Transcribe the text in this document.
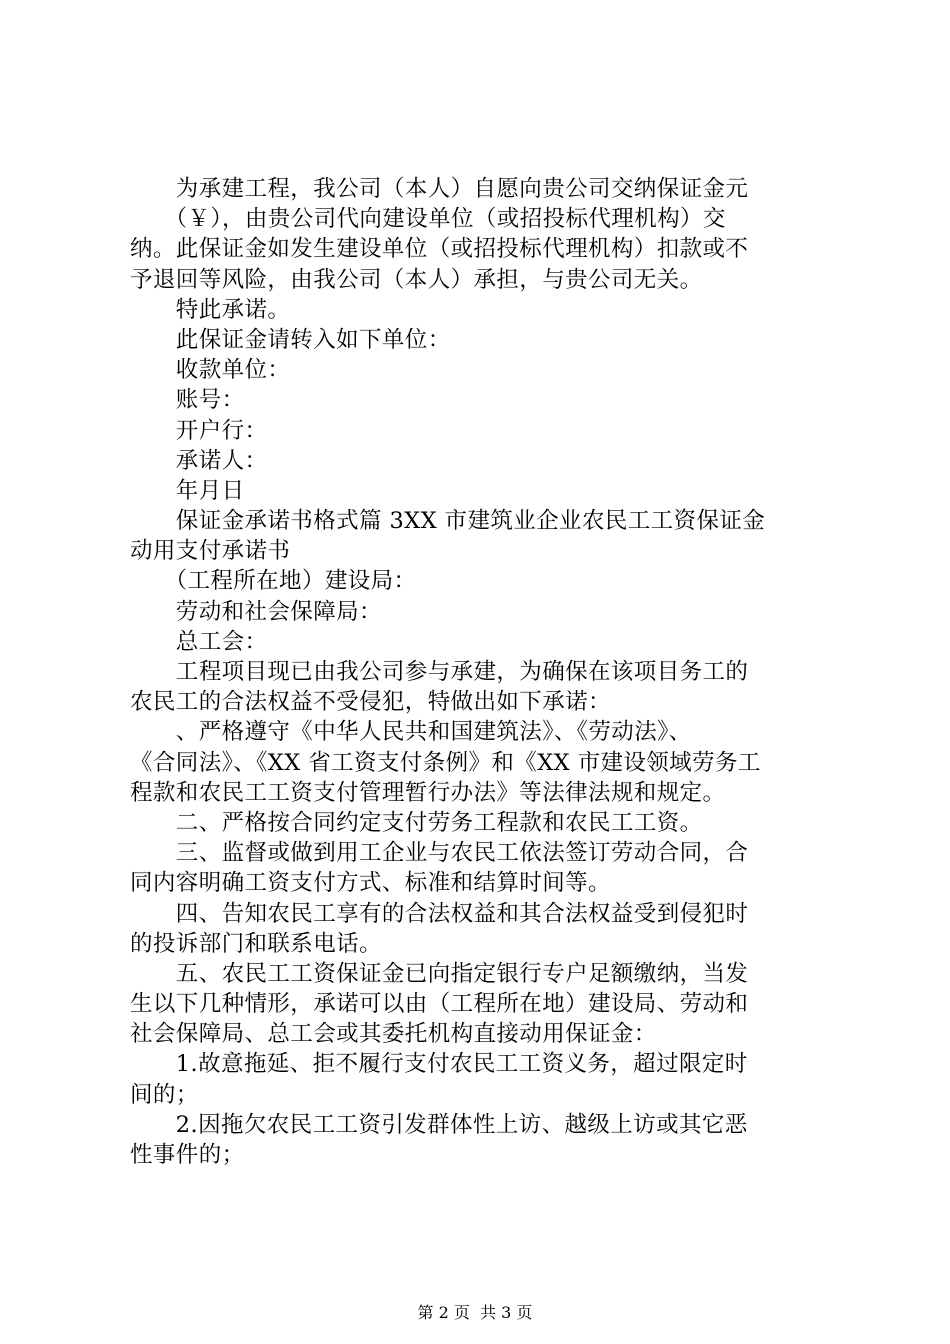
　　为承建工程，我公司（本人）自愿向贵公司交纳保证金元
　　（￥），由贵公司代向建设单位（或招投标代理机构）交
纳。此保证金如发生建设单位（或招投标代理机构）扣款或不
予退回等风险，由我公司（本人）承担，与贵公司无关。
　　特此承诺。
　　此保证金请转入如下单位：
　　收款单位：
　　账号：
　　开户行：
　　承诺人：
　　年月日
　　保证金承诺书格式篇 3XX 市建筑业企业农民工工资保证金
动用支付承诺书
　　（工程所在地）建设局：
　　劳动和社会保障局：
　　总工会：
　　工程项目现已由我公司参与承建，为确保在该项目务工的
农民工的合法权益不受侵犯，特做出如下承诺：
　　、严格遵守《中华人民共和国建筑法》、《劳动法》、
《合同法》、《XX 省工资支付条例》和《XX 市建设领域劳务工
程款和农民工工资支付管理暂行办法》等法律法规和规定。
　　二、严格按合同约定支付劳务工程款和农民工工资。
　　三、监督或做到用工企业与农民工依法签订劳动合同，合
同内容明确工资支付方式、标准和结算时间等。
　　四、告知农民工享有的合法权益和其合法权益受到侵犯时
的投诉部门和联系电话。
　　五、农民工工资保证金已向指定银行专户足额缴纳，当发
生以下几种情形，承诺可以由（工程所在地）建设局、劳动和
社会保障局、总工会或其委托机构直接动用保证金：
　　1.故意拖延、拒不履行支付农民工工资义务，超过限定时
间的；
　　2.因拖欠农民工工资引发群体性上访、越级上访或其它恶
性事件的；
第 2 页  共 3 页
